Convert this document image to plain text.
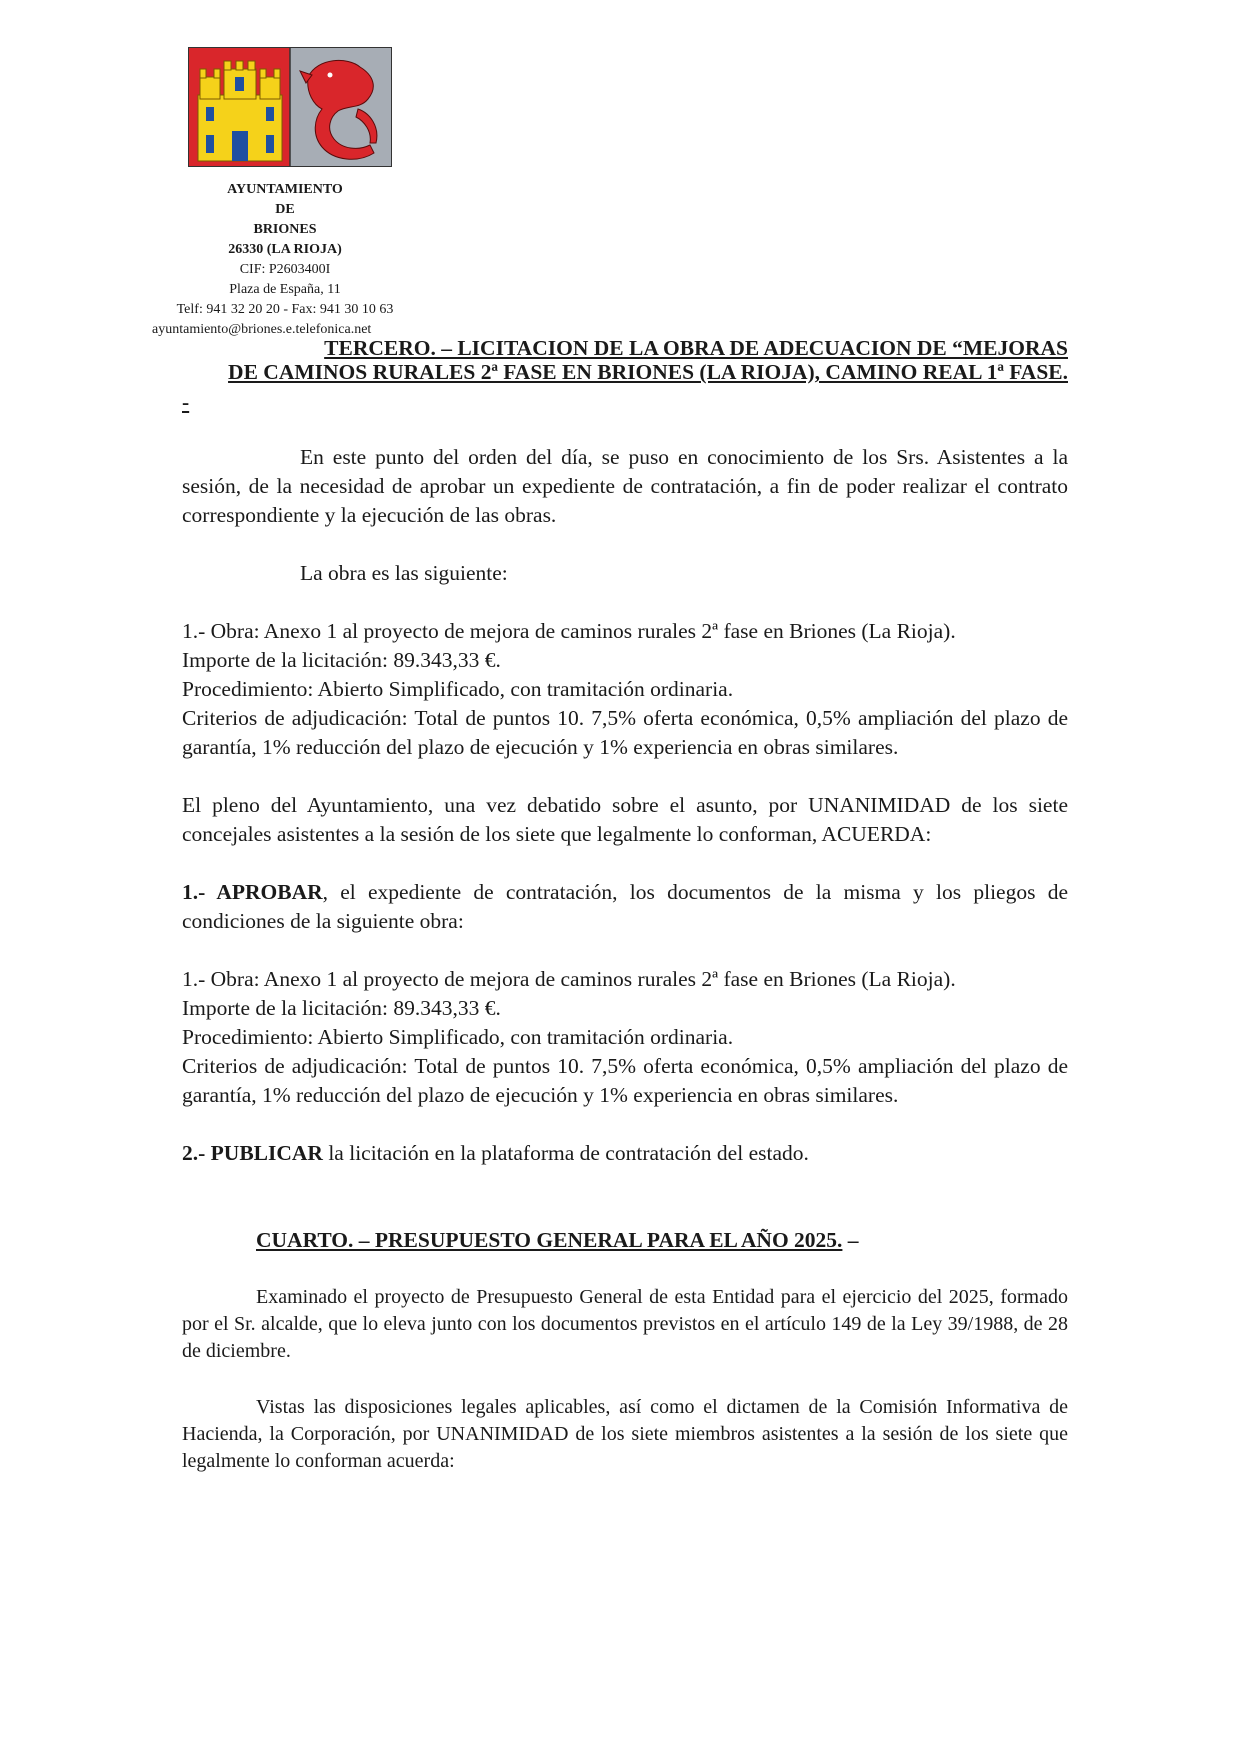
AYUNTAMIENTO
DE
BRIONES
26330 (LA RIOJA)
CIF: P2603400I
Plaza de España, 11
Telf: 941 32 20 20 - Fax: 941 30 10 63
ayuntamiento@briones.e.telefonica.net
TERCERO. – LICITACION DE LA OBRA DE ADECUACION DE “MEJORAS
DE CAMINOS RURALES 2ª FASE EN BRIONES (LA RIOJA), CAMINO REAL 1ª FASE.
-

En este punto del orden del día, se puso en conocimiento de los Srs. Asistentes a la sesión, de la necesidad de aprobar un expediente de contratación, a fin de poder realizar el contrato correspondiente y la ejecución de las obras.

La obra es las siguiente:

1.- Obra: Anexo 1 al proyecto de mejora de caminos rurales 2ª fase en Briones (La Rioja).

Importe de la licitación: 89.343,33 €.

Procedimiento: Abierto Simplificado, con tramitación ordinaria.

Criterios de adjudicación: Total de puntos 10. 7,5% oferta económica, 0,5% ampliación del plazo de garantía, 1% reducción del plazo de ejecución y 1% experiencia en obras similares.

El pleno del Ayuntamiento, una vez debatido sobre el asunto, por UNANIMIDAD de los siete concejales asistentes a la sesión de los siete que legalmente lo conforman, ACUERDA:

1.- APROBAR, el expediente de contratación, los documentos de la misma y los pliegos de condiciones de la siguiente obra:

1.- Obra: Anexo 1 al proyecto de mejora de caminos rurales 2ª fase en Briones (La Rioja).

Importe de la licitación: 89.343,33 €.

Procedimiento: Abierto Simplificado, con tramitación ordinaria.

Criterios de adjudicación: Total de puntos 10. 7,5% oferta económica, 0,5% ampliación del plazo de garantía, 1% reducción del plazo de ejecución y 1% experiencia en obras similares.

2.- PUBLICAR la licitación en la plataforma de contratación del estado.

CUARTO. – PRESUPUESTO GENERAL PARA EL AÑO 2025. –

Examinado el proyecto de Presupuesto General de esta Entidad para el ejercicio del 2025, formado por el Sr. alcalde, que lo eleva junto con los documentos previstos en el artículo 149 de la Ley 39/1988, de 28 de diciembre.

Vistas las disposiciones legales aplicables, así como el dictamen de la Comisión Informativa de Hacienda, la Corporación, por UNANIMIDAD de los siete miembros asistentes a la sesión de los siete que legalmente lo conforman acuerda:
